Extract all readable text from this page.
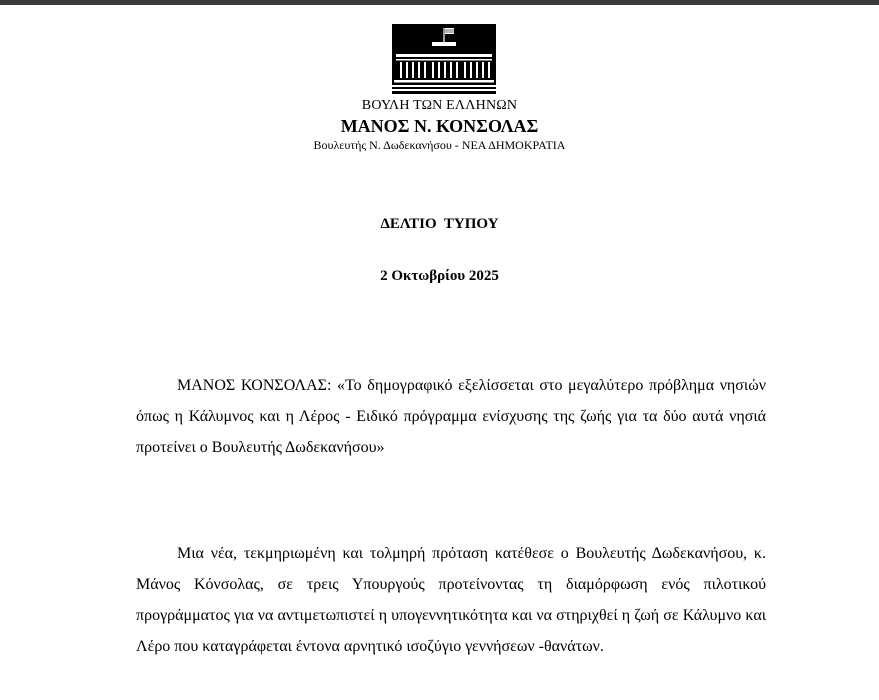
ΒΟΥΛΗ ΤΩΝ ΕΛΛΗΝΩΝ
ΜΑΝΟΣ Ν. ΚΟΝΣΟΛΑΣ
Βουλευτής Ν. Δωδεκανήσου - ΝΕΑ ΔΗΜΟΚΡΑΤΙΑ
ΔΕΛΤΙΟ  ΤΥΠΟΥ
2 Οκτωβρίου 2025

ΜΑΝΟΣ ΚΟΝΣΟΛΑΣ: «Το δημογραφικό εξελίσσεται στο μεγαλύτερο πρόβλημα νησιών όπως η Κάλυμνος και η Λέρος - Ειδικό πρόγραμμα ενίσχυσης της ζωής για τα δύο αυτά νησιά προτείνει ο Βουλευτής Δωδεκανήσου»

Μια νέα, τεκμηριωμένη και τολμηρή πρόταση κατέθεσε ο Βουλευτής Δωδεκανήσου, κ. Μάνος Κόνσολας, σε τρεις Υπουργούς προτείνοντας τη διαμόρφωση ενός πιλοτικού προγράμματος για να αντιμετωπιστεί η υπογεννητικότητα και να στηριχθεί η ζωή σε Κάλυμνο και Λέρο που καταγράφεται έντονα αρνητικό ισοζύγιο γεννήσεων -θανάτων.
